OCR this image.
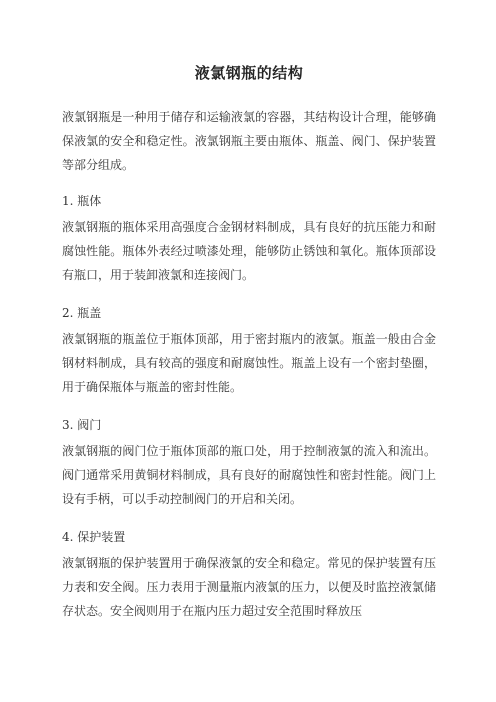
液氯钢瓶的结构

液氯钢瓶是一种用于储存和运输液氯的容器，其结构设计合理，能够确保液氯的安全和稳定性。液氯钢瓶主要由瓶体、瓶盖、阀门、保护装置等部分组成。

1. 瓶体

液氯钢瓶的瓶体采用高强度合金钢材料制成，具有良好的抗压能力和耐腐蚀性能。瓶体外表经过喷漆处理，能够防止锈蚀和氧化。瓶体顶部设有瓶口，用于装卸液氯和连接阀门。

2. 瓶盖

液氯钢瓶的瓶盖位于瓶体顶部，用于密封瓶内的液氯。瓶盖一般由合金钢材料制成，具有较高的强度和耐腐蚀性。瓶盖上设有一个密封垫圈，用于确保瓶体与瓶盖的密封性能。

3. 阀门

液氯钢瓶的阀门位于瓶体顶部的瓶口处，用于控制液氯的流入和流出。阀门通常采用黄铜材料制成，具有良好的耐腐蚀性和密封性能。阀门上设有手柄，可以手动控制阀门的开启和关闭。

4. 保护装置

液氯钢瓶的保护装置用于确保液氯的安全和稳定。常见的保护装置有压力表和安全阀。压力表用于测量瓶内液氯的压力，以便及时监控液氯储存状态。安全阀则用于在瓶内压力超过安全范围时释放压
